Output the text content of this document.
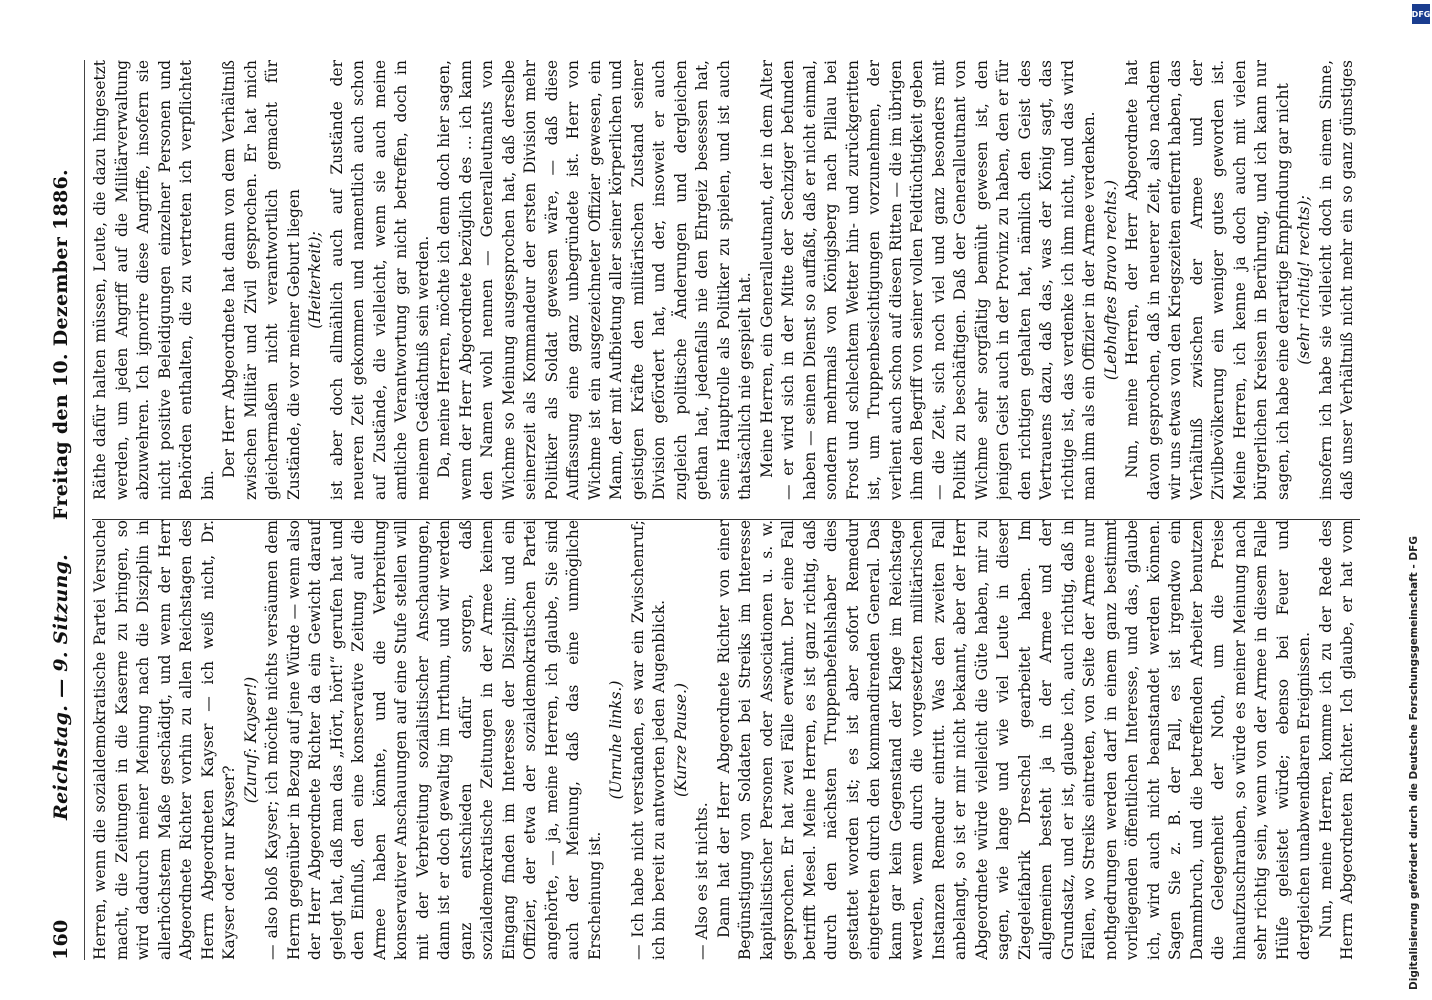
160
Reichstag. — 9. Sitzung.
Freitag den 10. Dezember 1886.

Herren, wenn die sozialdemokratische Partei Versuche macht, die Zeitungen in die Kaserne zu bringen, so wird dadurch meiner Meinung nach die Disziplin in allerhöchstem Maße geschädigt, und wenn der Herr Abgeordnete Richter vorhin zu allen Reichstagen des Herrn Abgeordneten Kayser — ich weiß nicht, Dr. Kayser oder nur Kayser?

(Zuruf: Kayser!) — also bloß Kayser; ich möchte nichts versäumen dem Herrn gegenüber in Bezug auf jene Würde — wenn also der Herr Abgeordnete Richter da ein Gewicht darauf gelegt hat, daß man das „Hört, hört!“ gerufen hat und den Einfluß, den eine konservative Zeitung auf die Armee haben könnte, und die Verbreitung konservativer Anschauungen auf eine Stufe stellen will mit der Verbreitung sozialistischer Anschauungen, dann ist er doch gewaltig im Irrthum, und wir werden ganz entschieden dafür sorgen, daß sozialdemokratische Zeitungen in der Armee keinen Eingang finden im Interesse der Disziplin; und ein Offizier, der etwa der sozialdemokratischen Partei angehörte, — ja, meine Herren, ich glaube, Sie sind auch der Meinung, daß das eine unmögliche Erscheinung ist.

(Unruhe links.) — Ich habe nicht verstanden, es war ein Zwischenruf; ich bin bereit zu antworten jeden Augenblick. (Kurze Pause.)

— Also es ist nichts. Dann hat der Herr Abgeordnete Richter von einer Begünstigung von Soldaten bei Streiks im Interesse kapitalistischer Personen oder Associationen u. s. w. gesprochen. Er hat zwei Fälle erwähnt. Der eine Fall betrifft Mesel. Meine Herren, es ist ganz richtig, daß durch den nächsten Truppenbefehlshaber dies gestattet worden ist; es ist aber sofort Remedur eingetreten durch den kommandirenden General. Das kann gar kein Gegenstand der Klage im Reichstage werden, wenn durch die vorgesetzten militärischen Instanzen Remedur eintritt. Was den zweiten Fall anbelangt, so ist er mir nicht bekannt, aber der Herr Abgeordnete würde vielleicht die Güte haben, mir zu sagen, wie lange und wie viel Leute in dieser Ziegeleifabrik Dreschel gearbeitet haben. Im allgemeinen besteht ja in der Armee und der Grundsatz, und er ist, glaube ich, auch richtig, daß in Fällen, wo Streiks eintreten, von Seite der Armee nur nothgedrungen werden darf in einem ganz bestimmt vorliegenden öffentlichen Interesse, und das, glaube ich, wird auch nicht beanstandet werden können. Sagen Sie z. B. der Fall, es ist irgendwo ein Dammbruch, und die betreffenden Arbeiter benutzen die Gelegenheit der Noth, um die Preise hinaufzuschrauben, so würde es meiner Meinung nach sehr richtig sein, wenn von der Armee in diesem Falle Hülfe geleistet würde; ebenso bei Feuer und dergleichen unabwendbaren Ereignissen. Nun, meine Herren, komme ich zu der Rede des Herrn Abgeordneten Richter. Ich glaube, er hat vom

Räthe dafür halten müssen, Leute, die dazu hingesetzt werden, um jeden Angriff auf die Militärverwaltung abzuwehren. Ich ignorire diese Angriffe, insofern sie nicht positive Beleidigungen einzelner Personen und Behörden enthalten, die zu vertreten ich verpflichtet bin.

Der Herr Abgeordnete hat dann von dem Verhältniß zwischen Militär und Zivil gesprochen. Er hat mich gleichermaßen nicht verantwortlich gemacht für Zustände, die vor meiner Geburt liegen (Heiterkeit); ist aber doch allmählich auch auf Zustände der neueren Zeit gekommen und namentlich auch schon auf Zustände, die vielleicht, wenn sie auch meine amtliche Verantwortung gar nicht betreffen, doch in meinem Gedächtniß sein werden. Da, meine Herren, möchte ich denn doch hier sagen, wenn der Herr Abgeordnete bezüglich des ... ich kann den Namen wohl nennen — Generalleutnants von Wichme so Meinung ausgesprochen hat, daß derselbe seinerzeit als Kommandeur der ersten Division mehr Politiker als Soldat gewesen wäre, — daß diese Auffassung eine ganz unbegründete ist. Herr von Wichme ist ein ausgezeichneter Offizier gewesen, ein Mann, der mit Aufbietung aller seiner körperlichen und geistigen Kräfte den militärischen Zustand seiner Division gefördert hat, und der, insoweit er auch zugleich politische Änderungen und dergleichen gethan hat, jedenfalls nie den Ehrgeiz besessen hat, seine Hauptrolle als Politiker zu spielen, und ist auch thatsächlich nie gespielt hat. Meine Herren, ein Generalleutnant, der in dem Alter — er wird sich in der Mitte der Sechziger befunden haben — seinen Dienst so auffaßt, daß er nicht einmal, sondern mehrmals von Königsberg nach Pillau bei Frost und schlechtem Wetter hin- und zurückgeritten ist, um Truppenbesichtigungen vorzunehmen, der verlient auch schon auf diesen Ritten — die im übrigen ihm den Begriff von seiner vollen Feldtüchtigkeit geben — die Zeit, sich noch viel und ganz besonders mit Politik zu beschäftigen. Daß der Generalleutnant von Wichme sehr sorgfältig bemüht gewesen ist, den jenigen Geist auch in der Provinz zu haben, den er für den richtigen gehalten hat, nämlich den Geist des Vertrauens dazu, daß das, was der König sagt, das richtige ist, das verdenke ich ihm nicht, und das wird man ihm als ein Offizier in der Armee verdenken. (Lebhaftes Bravo rechts.) Nun, meine Herren, der Herr Abgeordnete hat davon gesprochen, daß in neuerer Zeit, also nachdem wir uns etwas von den Kriegszeiten entfernt haben, das Verhältniß zwischen der Armee und der Zivilbevölkerung ein weniger gutes geworden ist. Meine Herren, ich kenne ja doch auch mit vielen bürgerlichen Kreisen in Berührung, und ich kann nur sagen, ich habe eine derartige Empfindung gar nicht (sehr richtig! rechts);

insofern ich habe sie vielleicht doch in einem Sinne, daß unser Verhältniß nicht mehr ein so ganz günstiges

Digitalisierung gefördert durch die Deutsche Forschungsgemeinschaft - DFG
DFG
